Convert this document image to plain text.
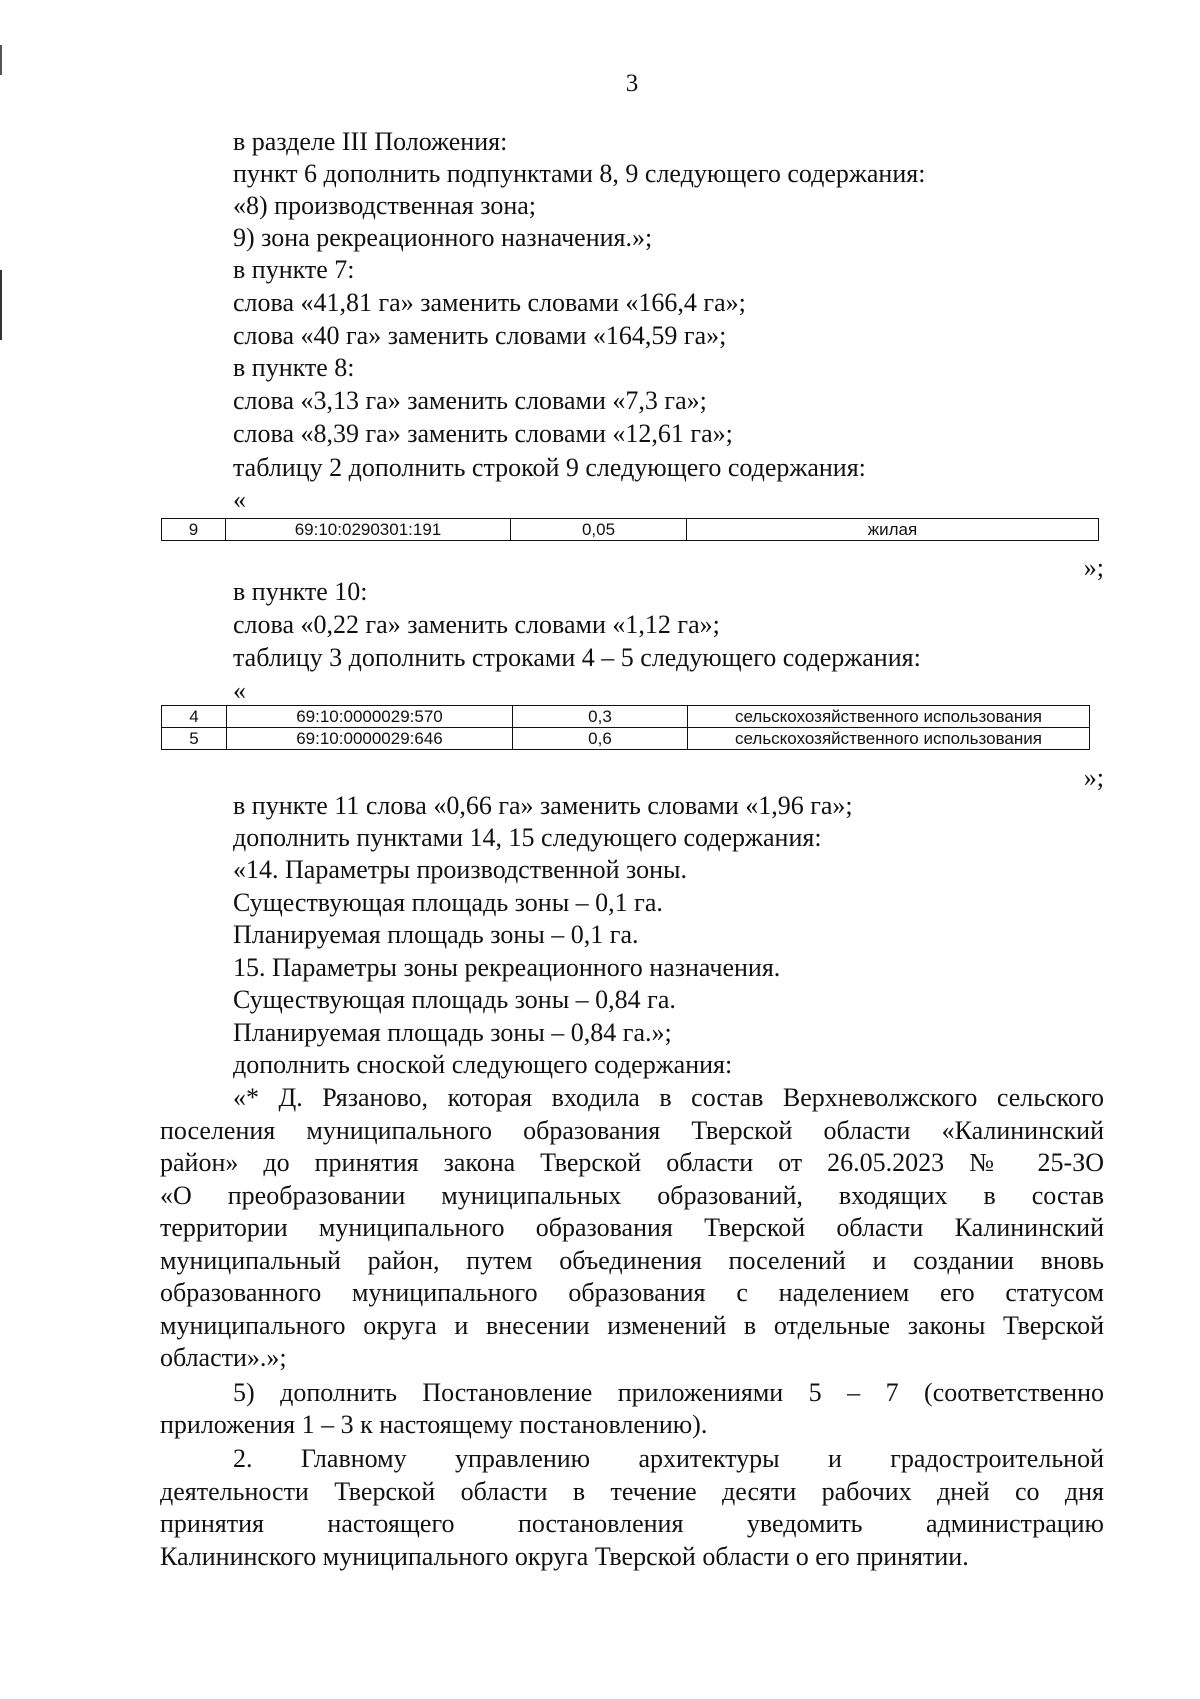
3
в разделе III Положения:
пункт 6 дополнить подпунктами 8, 9 следующего содержания:
«8) производственная зона;
9) зона рекреационного назначения.»;
в пункте 7:
слова «41,81 га» заменить словами «166,4 га»;
слова «40 га» заменить словами «164,59 га»;
в пункте 8:
слова «3,13 га» заменить словами «7,3 га»;
слова «8,39 га» заменить словами «12,61 га»;
таблицу 2 дополнить строкой 9 следующего содержания:
«
9	69:10:0290301:191	0,05	жилая
»;
в пункте 10:
слова «0,22 га» заменить словами «1,12 га»;
таблицу 3 дополнить строками 4 – 5 следующего содержания:
«
4	69:10:0000029:570	0,3	сельскохозяйственного использования
5	69:10:0000029:646	0,6	сельскохозяйственного использования
»;
в пункте 11 слова «0,66 га» заменить словами «1,96 га»;
дополнить пунктами 14, 15 следующего содержания:
«14. Параметры производственной зоны.
Существующая площадь зоны – 0,1 га.
Планируемая площадь зоны – 0,1 га.
15. Параметры зоны рекреационного назначения.
Существующая площадь зоны – 0,84 га.
Планируемая площадь зоны – 0,84 га.»;
дополнить сноской следующего содержания:
«* Д. Рязаново, которая входила в состав Верхневолжского сельского
поселения муниципального образования Тверской области «Калининский
район» до принятия закона Тверской области от 26.05.2023 № 25-ЗО
«О преобразовании муниципальных образований, входящих в состав
территории муниципального образования Тверской области Калининский
муниципальный район, путем объединения поселений и создании вновь
образованного муниципального образования с наделением его статусом
муниципального округа и внесении изменений в отдельные законы Тверской
области».»;
5) дополнить Постановление приложениями 5 – 7 (соответственно
приложения 1 – 3 к настоящему постановлению).
2. Главному управлению архитектуры и градостроительной
деятельности Тверской области в течение десяти рабочих дней со дня
принятия настоящего постановления уведомить администрацию
Калининского муниципального округа Тверской области о его принятии.
